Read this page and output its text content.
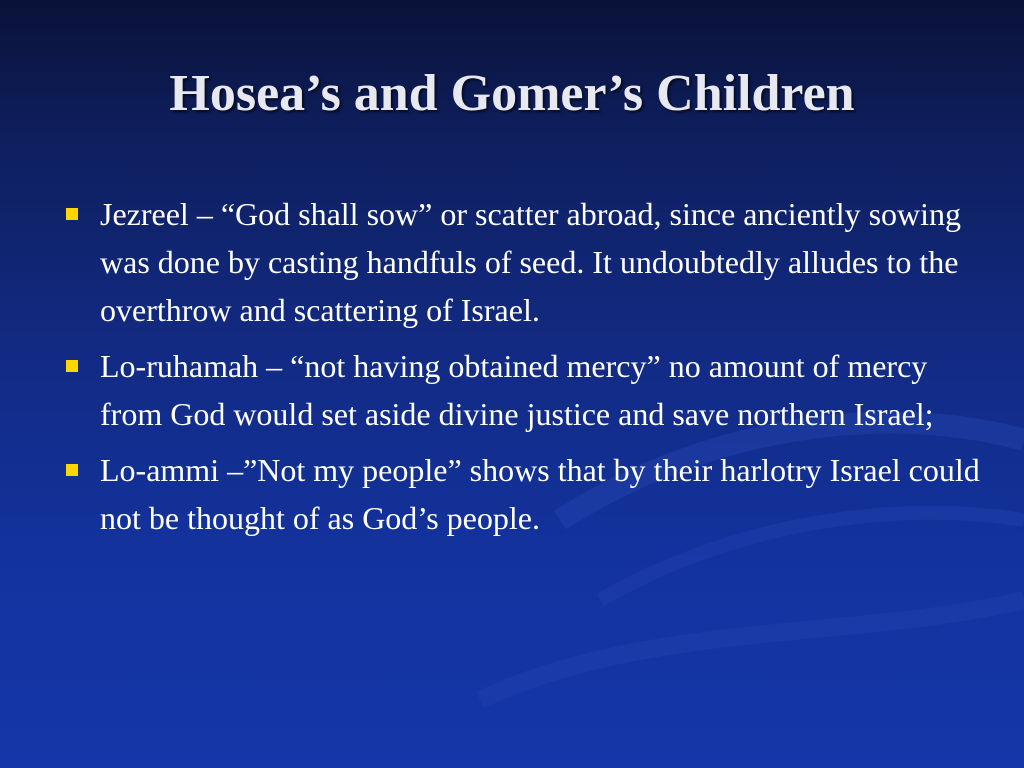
Hosea’s and Gomer’s Children
Jezreel – “God shall sow” or scatter abroad, since anciently sowing was done by casting handfuls of seed. It undoubtedly alludes to the overthrow and scattering of Israel.
Lo-ruhamah – “not having obtained mercy” no amount of mercy from God would set aside divine justice and save northern Israel;
Lo-ammi –”Not my people” shows that by their harlotry Israel could not be thought of as God’s people.
